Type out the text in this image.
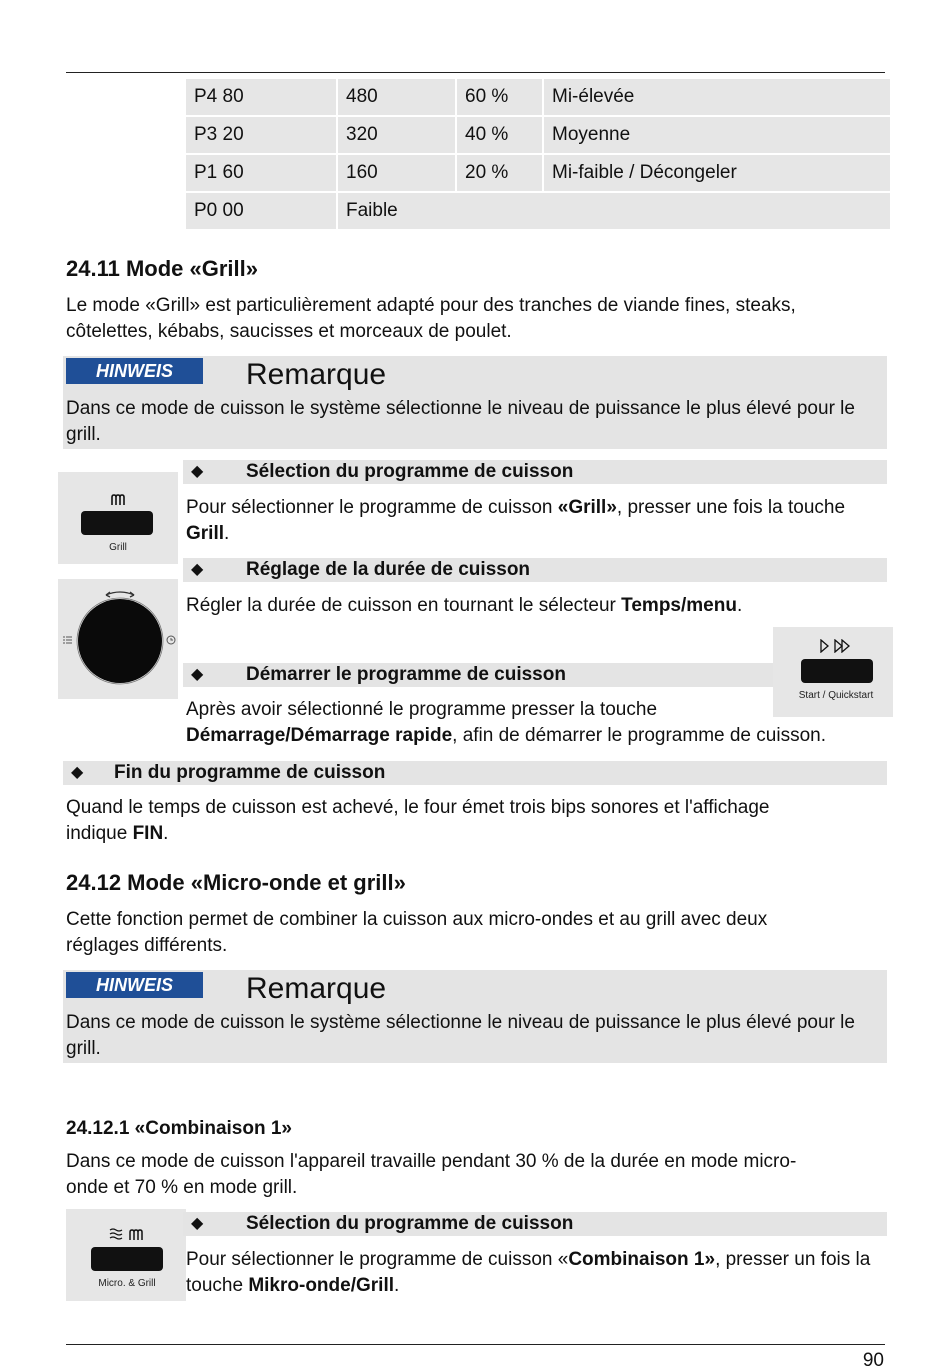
P4 80	480	60 %	Mi-élevée
P3 20	320	40 %	Moyenne
P1 60	160	20 %	Mi-faible / Décongeler
P0 00	Faible		
24.11 Mode «Grill»
Le mode «Grill» est particulièrement adapté pour des tranches de viande fines, steaks,
côtelettes, kébabs, saucisses et morceaux de poulet.
HINWEIS	Remarque
Dans ce mode de cuisson le système sélectionne le niveau de puissance le plus élevé pour le grill.
Grill
◆ Sélection du programme de cuisson
Pour sélectionner le programme de cuisson «Grill», presser une fois la touche Grill.
◆ Réglage de la durée de cuisson
Régler la durée de cuisson en tournant le sélecteur Temps/menu.
◆ Démarrer le programme de cuisson
Start / Quickstart
Après avoir sélectionné le programme presser la touche
Démarrage/Démarrage rapide, afin de démarrer le programme de cuisson.
◆ Fin du programme de cuisson
Quand le temps de cuisson est achevé, le four émet trois bips sonores et l'affichage
indique FIN.
24.12 Mode «Micro-onde et grill»
Cette fonction permet de combiner la cuisson aux micro-ondes et au grill avec deux
réglages différents.
HINWEIS	Remarque
Dans ce mode de cuisson le système sélectionne le niveau de puissance le plus élevé pour le grill.
24.12.1 «Combinaison 1»
Dans ce mode de cuisson l'appareil travaille pendant 30 % de la durée en mode micro-
onde et 70 % en mode grill.
Micro. & Grill
◆ Sélection du programme de cuisson
Pour sélectionner le programme de cuisson «Combinaison 1», presser un fois la touche Mikro-onde/Grill.
90
